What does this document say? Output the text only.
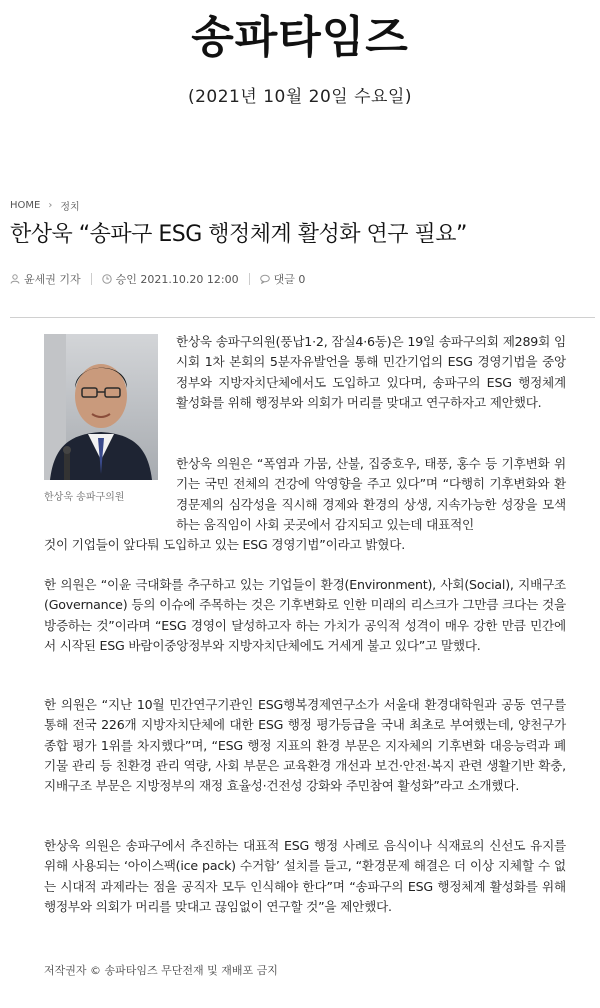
송파타임즈
(2021년 10월 20일 수요일)
HOME › 정치
한상욱 “송파구 ESG 행정체계 활성화 연구 필요”
윤세권 기자	승인 2021.10.20 12:00	댓글 0
한상욱 송파구의원

한상욱 송파구의원(풍납1·2, 잠실4·6동)은 19일 송파구의회 제289회 임시회 1차 본회의 5분자유발언을 통해 민간기업의 ESG 경영기법을 중앙정부와 지방자치단체에서도 도입하고 있다며, 송파구의 ESG 행정체계 활성화를 위해 행정부와 의회가 머리를 맞대고 연구하자고 제안했다.

한상욱 의원은 “폭염과 가뭄, 산불, 집중호우, 태풍, 홍수 등 기후변화 위기는 국민 전체의 건강에 악영향을 주고 있다”며 “다행히 기후변화와 환경문제의 심각성을 직시해 경제와 환경의 상생, 지속가능한 성장을 모색하는 움직임이 사회 곳곳에서 감지되고 있는데 대표적인
것이 기업들이 앞다퉈 도입하고 있는 ESG 경영기법”이라고 밝혔다.

한 의원은 “이윤 극대화를 추구하고 있는 기업들이 환경(Environment), 사회(Social), 지배구조(Governance) 등의 이슈에 주목하는 것은 기후변화로 인한 미래의 리스크가 그만큼 크다는 것을 방증하는 것”이라며 “ESG 경영이 달성하고자 하는 가치가 공익적 성격이 매우 강한 만큼 민간에서 시작된 ESG 바람이중앙정부와 지방자치단체에도 거세게 불고 있다”고 말했다.

한 의원은 “지난 10월 민간연구기관인 ESG행복경제연구소가 서울대 환경대학원과 공동 연구를 통해 전국 226개 지방자치단체에 대한 ESG 행정 평가등급을 국내 최초로 부여했는데, 양천구가 종합 평가 1위를 차지했다”며, “ESG 행정 지표의 환경 부문은 지자체의 기후변화 대응능력과 폐기물 관리 등 친환경 관리 역량, 사회 부문은 교육환경 개선과 보건·안전·복지 관련 생활기반 확충, 지배구조 부문은 지방정부의 재정 효율성·건전성 강화와 주민참여 활성화”라고 소개했다.

한상욱 의원은 송파구에서 추진하는 대표적 ESG 행정 사례로 음식이나 식재료의 신선도 유지를 위해 사용되는 ‘아이스팩(ice pack) 수거함’ 설치를 들고, “환경문제 해결은 더 이상 지체할 수 없는 시대적 과제라는 점을 공직자 모두 인식해야 한다”며 “송파구의 ESG 행정체계 활성화를 위해 행정부와 의회가 머리를 맞대고 끊임없이 연구할 것”을 제안했다.

저작권자 © 송파타임즈 무단전재 및 재배포 금지
